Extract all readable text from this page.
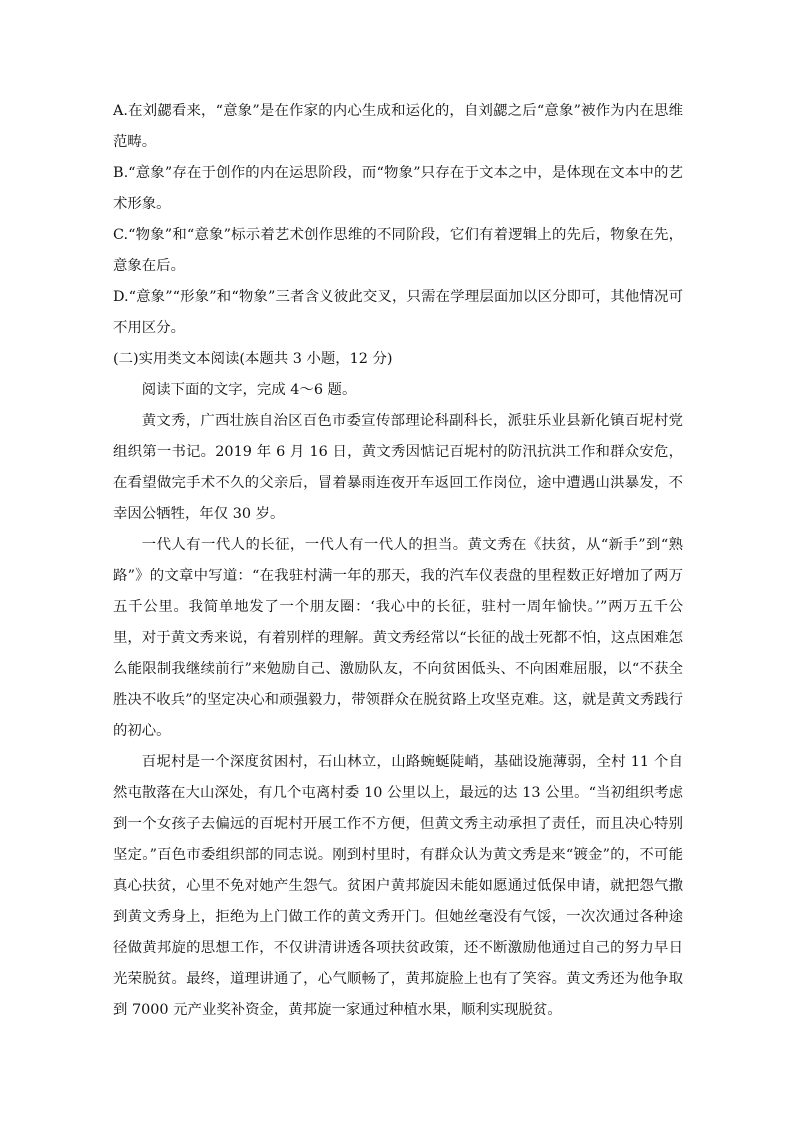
A.在刘勰看来，“意象”是在作家的内心生成和运化的，自刘勰之后“意象”被作为内在思维范畴。

B.“意象”存在于创作的内在运思阶段，而“物象”只存在于文本之中，是体现在文本中的艺术形象。

C.“物象”和“意象”标示着艺术创作思维的不同阶段，它们有着逻辑上的先后，物象在先，意象在后。

D.“意象”“形象”和“物象”三者含义彼此交叉，只需在学理层面加以区分即可，其他情况可不用区分。

(二)实用类文本阅读(本题共 3 小题，12 分)

阅读下面的文字，完成 4～6 题。

黄文秀，广西壮族自治区百色市委宣传部理论科副科长，派驻乐业县新化镇百坭村党组织第一书记。2019 年 6 月 16 日，黄文秀因惦记百坭村的防汛抗洪工作和群众安危，在看望做完手术不久的父亲后，冒着暴雨连夜开车返回工作岗位，途中遭遇山洪暴发，不幸因公牺牲，年仅 30 岁。

一代人有一代人的长征，一代人有一代人的担当。黄文秀在《扶贫，从“新手”到“熟路”》的文章中写道：“在我驻村满一年的那天，我的汽车仪表盘的里程数正好增加了两万五千公里。我简单地发了一个朋友圈：‘我心中的长征，驻村一周年愉快。’”两万五千公里，对于黄文秀来说，有着别样的理解。黄文秀经常以“长征的战士死都不怕，这点困难怎么能限制我继续前行”来勉励自己、激励队友，不向贫困低头、不向困难屈服，以“不获全胜决不收兵”的坚定决心和顽强毅力，带领群众在脱贫路上攻坚克难。这，就是黄文秀践行的初心。

百坭村是一个深度贫困村，石山林立，山路蜿蜒陡峭，基础设施薄弱，全村 11 个自然屯散落在大山深处，有几个屯离村委 10 公里以上，最远的达 13 公里。“当初组织考虑到一个女孩子去偏远的百坭村开展工作不方便，但黄文秀主动承担了责任，而且决心特别坚定。”百色市委组织部的同志说。刚到村里时，有群众认为黄文秀是来“镀金”的，不可能真心扶贫，心里不免对她产生怨气。贫困户黄邦旋因未能如愿通过低保申请，就把怨气撒到黄文秀身上，拒绝为上门做工作的黄文秀开门。但她丝毫没有气馁，一次次通过各种途径做黄邦旋的思想工作，不仅讲清讲透各项扶贫政策，还不断激励他通过自己的努力早日光荣脱贫。最终，道理讲通了，心气顺畅了，黄邦旋脸上也有了笑容。黄文秀还为他争取到 7000 元产业奖补资金，黄邦旋一家通过种植水果，顺利实现脱贫。
